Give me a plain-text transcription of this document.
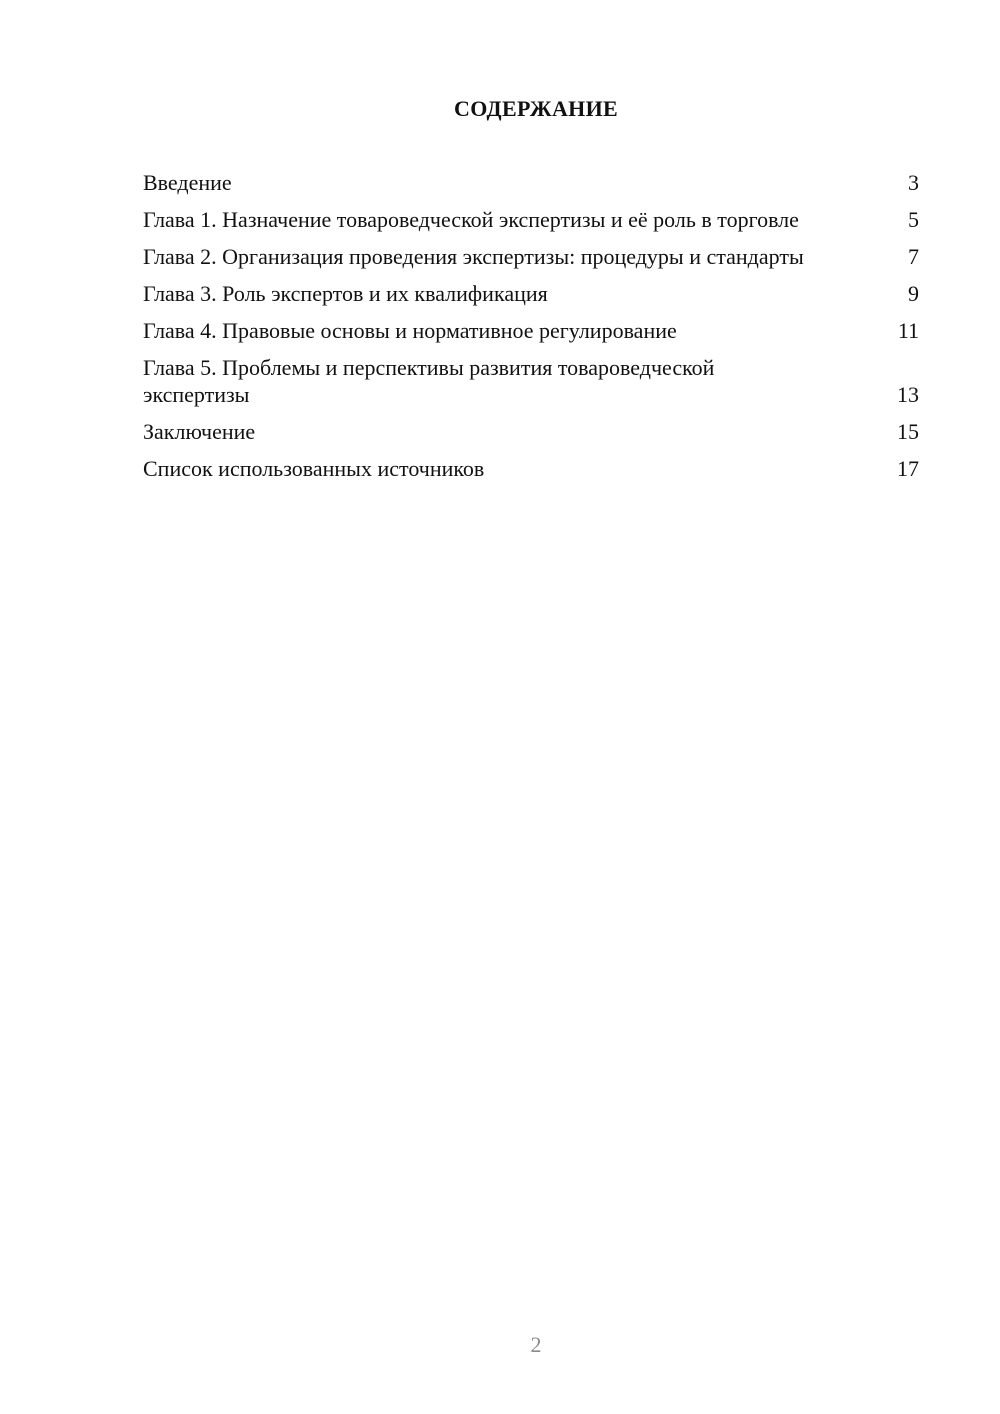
СОДЕРЖАНИЕ
Введение	3
Глава 1. Назначение товароведческой экспертизы и её роль в торговле	5
Глава 2. Организация проведения экспертизы: процедуры и стандарты	7
Глава 3. Роль экспертов и их квалификация	9
Глава 4. Правовые основы и нормативное регулирование	11
Глава 5. Проблемы и перспективы развития товароведческой экспертизы	13
Заключение	15
Список использованных источников	17
2
